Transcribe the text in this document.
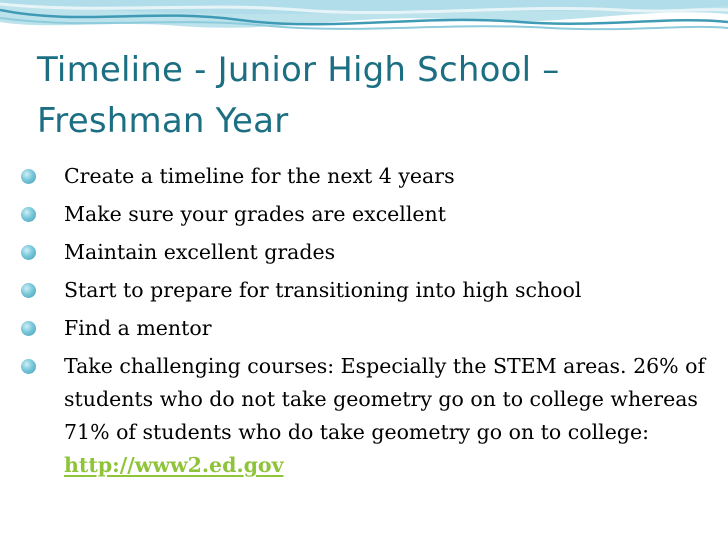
Timeline - Junior High School –
Freshman Year
Create a timeline for the next 4 years
Make sure your grades are excellent
Maintain excellent grades
Start to prepare for transitioning into high school
Find a mentor
Take challenging courses: Especially the STEM areas. 26% of students who do not take geometry go on to college whereas 71% of students who do take geometry go on to college: http://www2.ed.gov
